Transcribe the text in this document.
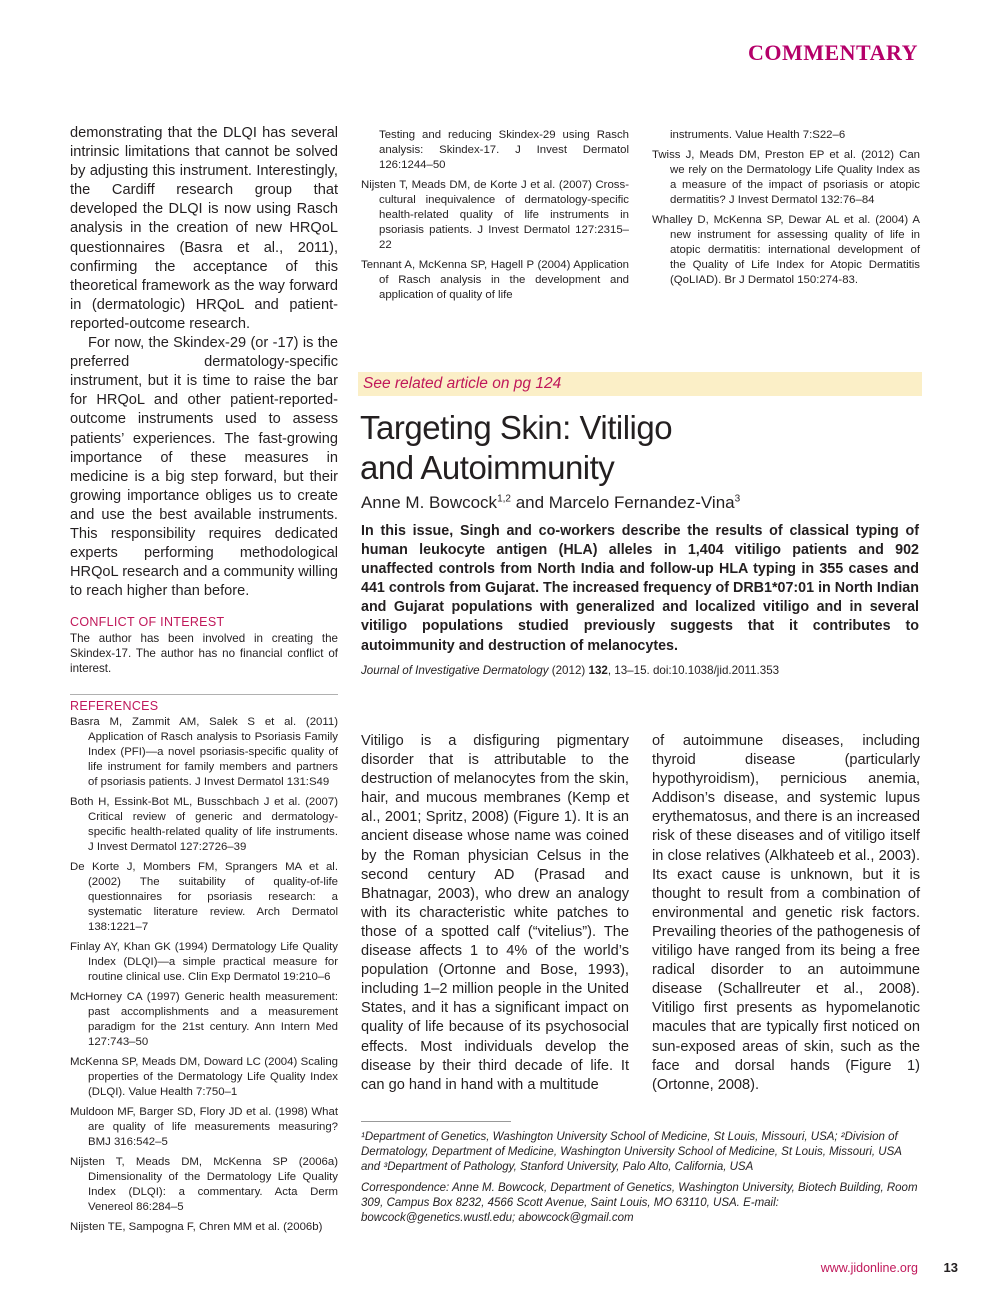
COMMENTARY

demonstrating that the DLQI has several intrinsic limitations that cannot be solved by adjusting this instrument. Interestingly, the Cardiff research group that developed the DLQI is now using Rasch analysis in the creation of new HRQoL questionnaires (Basra et al., 2011), confirming the acceptance of this theoretical framework as the way forward in (dermatologic) HRQoL and patient-reported-outcome research.

For now, the Skindex-29 (or -17) is the preferred dermatology-specific instrument, but it is time to raise the bar for HRQoL and other patient-reported-outcome instruments used to assess patients’ experiences. The fast-growing importance of these measures in medicine is a big step forward, but their growing importance obliges us to create and use the best available instruments. This responsibility requires dedicated experts performing methodological HRQoL research and a community willing to reach higher than before.

CONFLICT OF INTEREST

The author has been involved in creating the Skindex-17. The author has no financial conflict of interest.

REFERENCES

Basra M, Zammit AM, Salek S et al. (2011) Application of Rasch analysis to Psoriasis Family Index (PFI)—a novel psoriasis-specific quality of life instrument for family members and partners of psoriasis patients. J Invest Dermatol 131:S49

Both H, Essink-Bot ML, Busschbach J et al. (2007) Critical review of generic and dermatology-specific health-related quality of life instruments. J Invest Dermatol 127:2726–39

De Korte J, Mombers FM, Sprangers MA et al. (2002) The suitability of quality-of-life questionnaires for psoriasis research: a systematic literature review. Arch Dermatol 138:1221–7

Finlay AY, Khan GK (1994) Dermatology Life Quality Index (DLQI)—a simple practical measure for routine clinical use. Clin Exp Dermatol 19:210–6

McHorney CA (1997) Generic health measurement: past accomplishments and a measurement paradigm for the 21st century. Ann Intern Med 127:743–50

McKenna SP, Meads DM, Doward LC (2004) Scaling properties of the Dermatology Life Quality Index (DLQI). Value Health 7:750–1

Muldoon MF, Barger SD, Flory JD et al. (1998) What are quality of life measurements measuring? BMJ 316:542–5

Nijsten T, Meads DM, McKenna SP (2006a) Dimensionality of the Dermatology Life Quality Index (DLQI): a commentary. Acta Derm Venereol 86:284–5

Nijsten TE, Sampogna F, Chren MM et al. (2006b)

Testing and reducing Skindex-29 using Rasch analysis: Skindex-17. J Invest Dermatol 126:1244–50

Nijsten T, Meads DM, de Korte J et al. (2007) Cross-cultural inequivalence of dermatology-specific health-related quality of life instruments in psoriasis patients. J Invest Dermatol 127:2315–22

Tennant A, McKenna SP, Hagell P (2004) Application of Rasch analysis in the development and application of quality of life

instruments. Value Health 7:S22–6

Twiss J, Meads DM, Preston EP et al. (2012) Can we rely on the Dermatology Life Quality Index as a measure of the impact of psoriasis or atopic dermatitis? J Invest Dermatol 132:76–84

Whalley D, McKenna SP, Dewar AL et al. (2004) A new instrument for assessing quality of life in atopic dermatitis: international development of the Quality of Life Index for Atopic Dermatitis (QoLIAD). Br J Dermatol 150:274-83.

See related article on pg 124

Targeting Skin: Vitiligo
and Autoimmunity

Anne M. Bowcock$^{1,2}$ and Marcelo Fernandez-Vina$^3$

In this issue, Singh and co-workers describe the results of classical typing of human leukocyte antigen (HLA) alleles in 1,404 vitiligo patients and 902 unaffected controls from North India and follow-up HLA typing in 355 cases and 441 controls from Gujarat. The increased frequency of DRB1*07:01 in North Indian and Gujarat populations with generalized and localized vitiligo and in several vitiligo populations studied previously suggests that it contributes to autoimmunity and destruction of melanocytes.

Journal of Investigative Dermatology (2012) 132, 13–15. doi:10.1038/jid.2011.353

Vitiligo is a disfiguring pigmentary disorder that is attributable to the destruction of melanocytes from the skin, hair, and mucous membranes (Kemp et al., 2001; Spritz, 2008) (Figure 1). It is an ancient disease whose name was coined by the Roman physician Celsus in the second century AD (Prasad and Bhatnagar, 2003), who drew an analogy with its characteristic white patches to those of a spotted calf (“vitelius”). The disease affects 1 to 4% of the world’s population (Ortonne and Bose, 1993), including 1–2 million people in the United States, and it has a significant impact on quality of life because of its psychosocial effects. Most individuals develop the disease by their third decade of life. It can go hand in hand with a multitude

of autoimmune diseases, including thyroid disease (particularly hypothyroidism), pernicious anemia, Addison’s disease, and systemic lupus erythematosus, and there is an increased risk of these diseases and of vitiligo itself in close relatives (Alkhateeb et al., 2003). Its exact cause is unknown, but it is thought to result from a combination of environmental and genetic risk factors. Prevailing theories of the pathogenesis of vitiligo have ranged from its being a free radical disorder to an autoimmune disease (Schallreuter et al., 2008). Vitiligo first presents as hypomelanotic macules that are typically first noticed on sun-exposed areas of skin, such as the face and dorsal hands (Figure 1) (Ortonne, 2008).

¹Department of Genetics, Washington University School of Medicine, St Louis, Missouri, USA; ²Division of Dermatology, Department of Medicine, Washington University School of Medicine, St Louis, Missouri, USA and ³Department of Pathology, Stanford University, Palo Alto, California, USA

Correspondence: Anne M. Bowcock, Department of Genetics, Washington University, Biotech Building, Room 309, Campus Box 8232, 4566 Scott Avenue, Saint Louis, MO 63110, USA. E-mail: bowcock@genetics.wustl.edu; abowcock@gmail.com

www.jidonline.org 13
